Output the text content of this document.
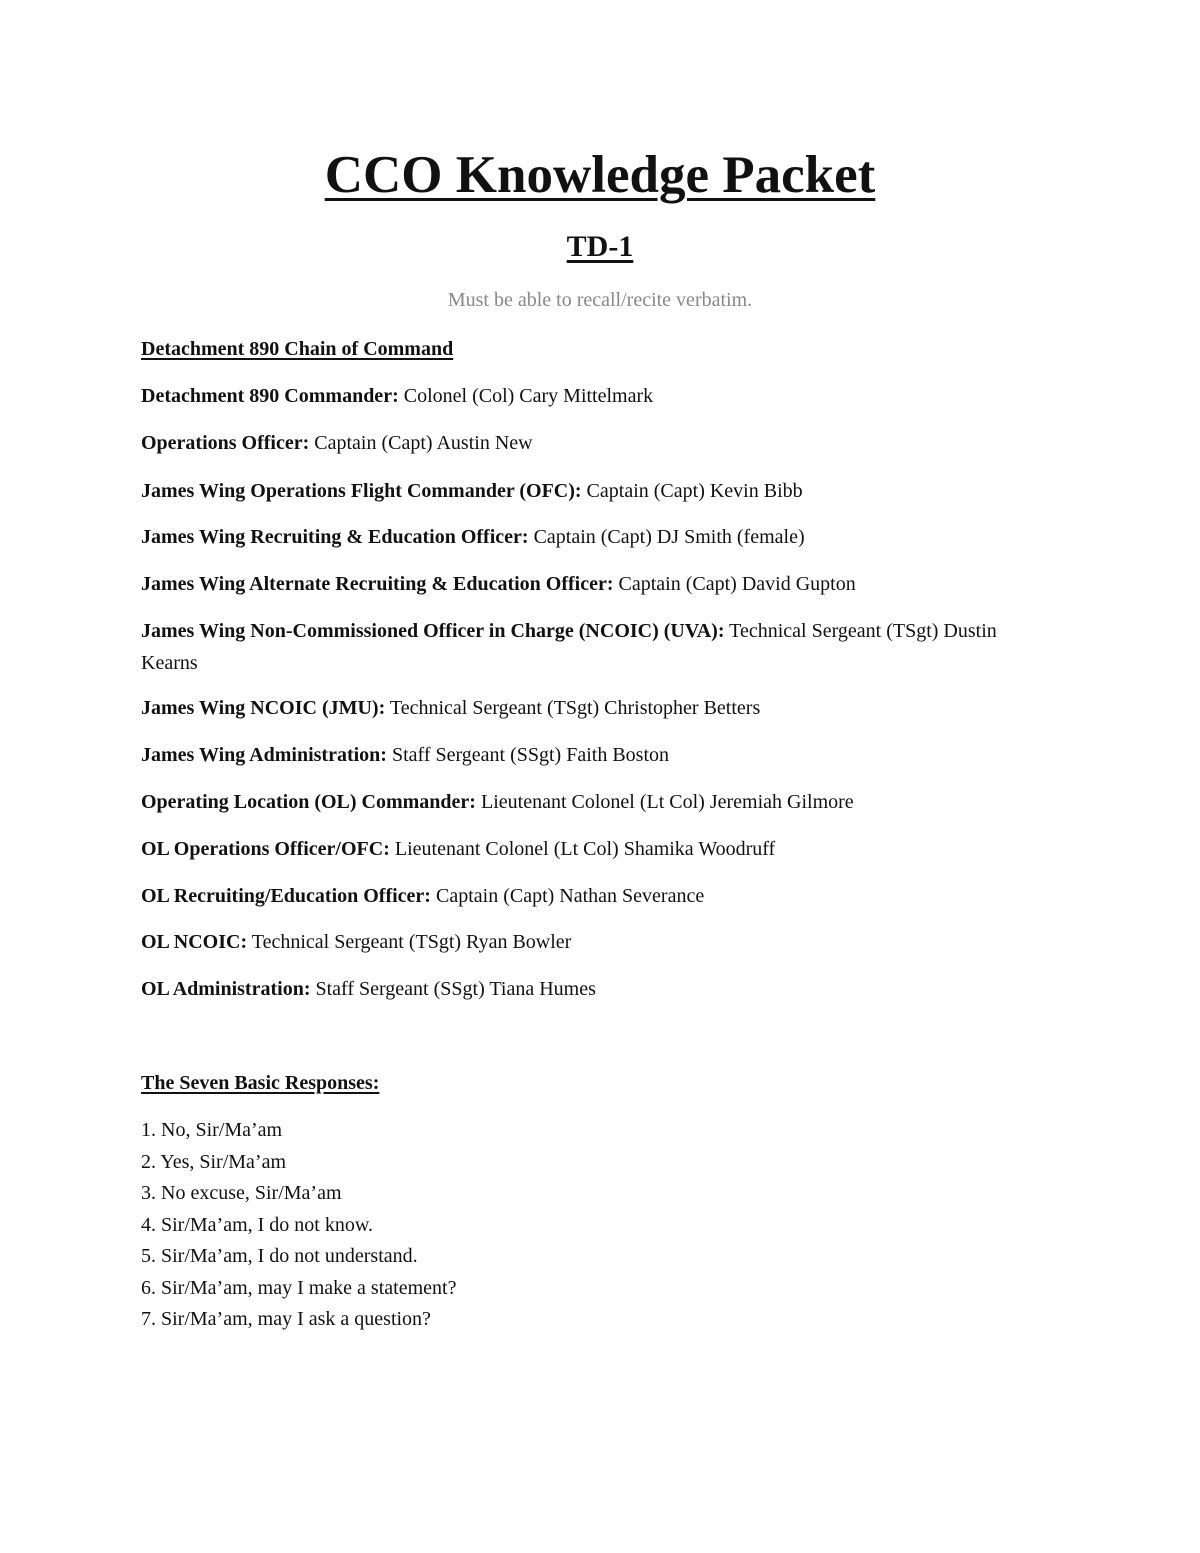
CCO Knowledge Packet
TD-1
Must be able to recall/recite verbatim.
Detachment 890 Chain of Command
Detachment 890 Commander: Colonel (Col) Cary Mittelmark
Operations Officer: Captain (Capt) Austin New
James Wing Operations Flight Commander (OFC): Captain (Capt) Kevin Bibb
James Wing Recruiting & Education Officer: Captain (Capt) DJ Smith (female)
James Wing Alternate Recruiting & Education Officer: Captain (Capt) David Gupton
James Wing Non-Commissioned Officer in Charge (NCOIC) (UVA): Technical Sergeant (TSgt) Dustin Kearns
James Wing NCOIC (JMU): Technical Sergeant (TSgt) Christopher Betters
James Wing Administration: Staff Sergeant (SSgt) Faith Boston
Operating Location (OL) Commander: Lieutenant Colonel (Lt Col) Jeremiah Gilmore
OL Operations Officer/OFC: Lieutenant Colonel (Lt Col) Shamika Woodruff
OL Recruiting/Education Officer: Captain (Capt) Nathan Severance
OL NCOIC: Technical Sergeant (TSgt) Ryan Bowler
OL Administration: Staff Sergeant (SSgt) Tiana Humes
The Seven Basic Responses:
1. No, Sir/Ma’am
2. Yes, Sir/Ma’am
3. No excuse, Sir/Ma’am
4. Sir/Ma’am, I do not know.
5. Sir/Ma’am, I do not understand.
6. Sir/Ma’am, may I make a statement?
7. Sir/Ma’am, may I ask a question?
